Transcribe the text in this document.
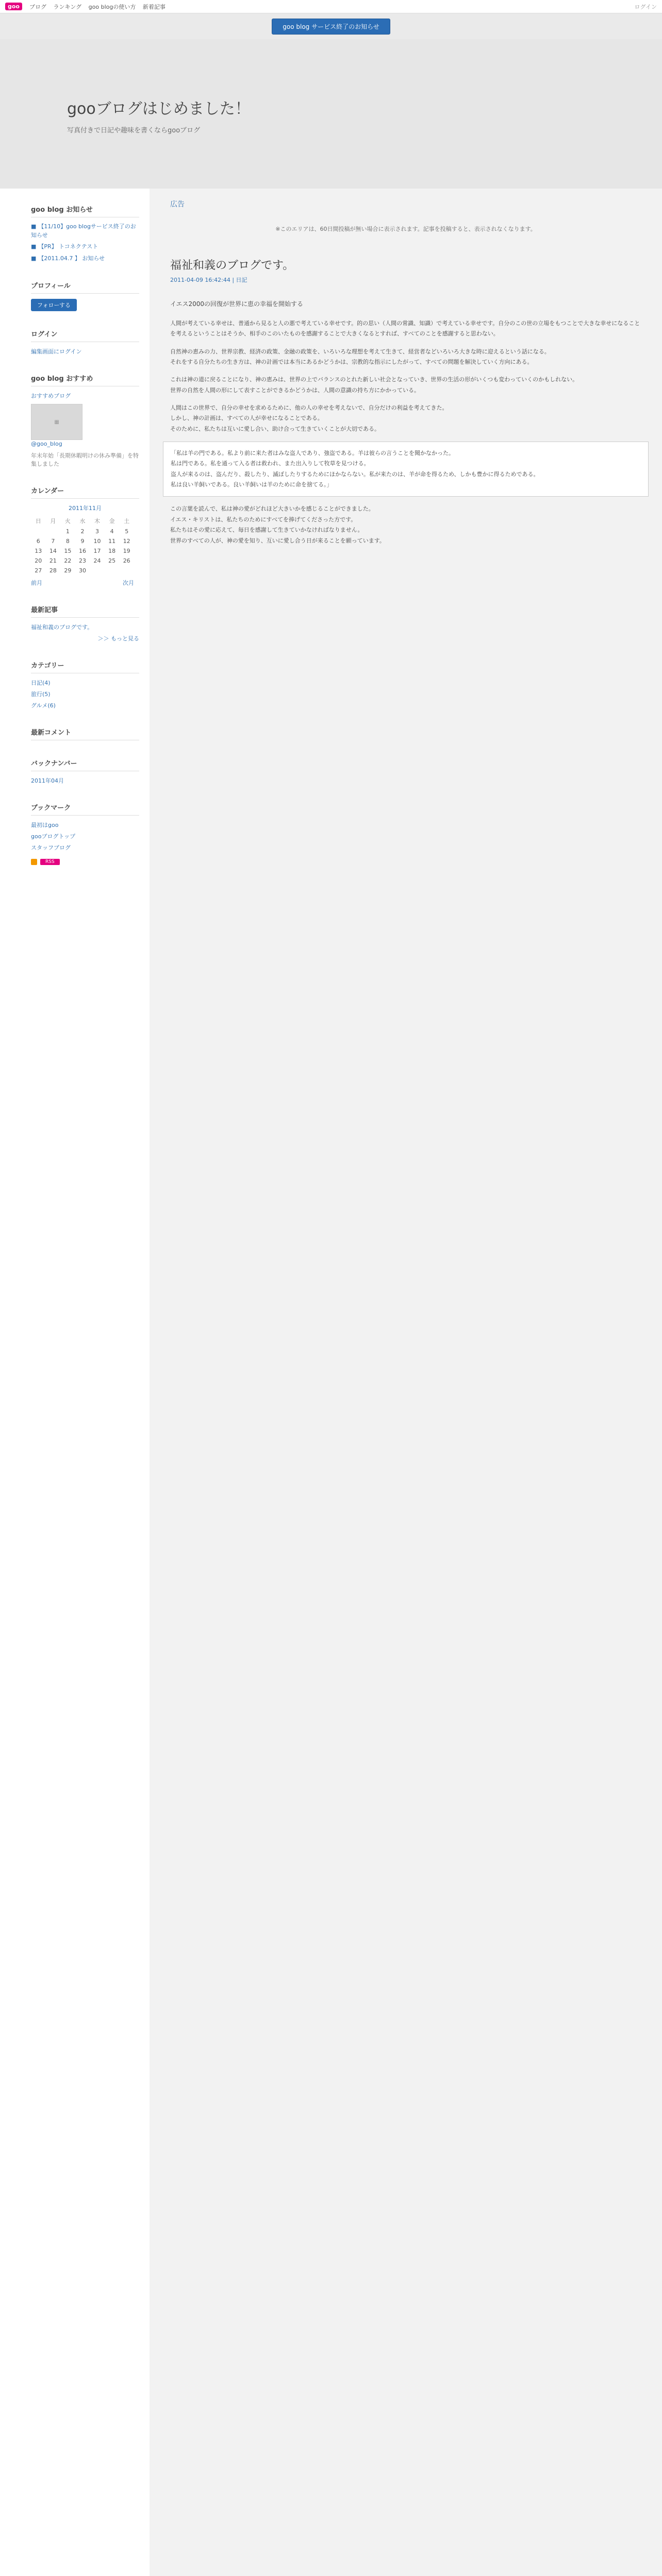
goo	ブログ ランキング goo blogの使い方 新着記事	ログイン
goo blog サービス終了のお知らせ
gooブログはじめました！
写真付きで日記や趣味を書くならgooブログ
goo blog お知らせ
■ 【11/10】goo blogサービス終了のお知らせ
■ 【PR】 トコネクテスト
■ 【2011.04.7 】 お知らせ
プロフィール
フォローする
ログイン
編集画面にログイン
goo blog おすすめ
おすすめブログ
▦
@goo_blog
年末年始「長期休暇明けの休み準備」を特集しました
カレンダー
2011年11月
日	月	火	水	木	金	土
		1	2	3	4	5
6	7	8	9	10	11	12
13	14	15	16	17	18	19
20	21	22	23	24	25	26
27	28	29	30			
前月	次月
最新記事
福祉和義のブログです。
＞＞ もっと見る
カテゴリー
日記(4)
旅行(5)
グルメ(6)
最新コメント
バックナンバー
2011年04月
ブックマーク
最初はgoo
gooブログトップ
スタッフブログ
RSS
広告
※このエリアは、60日間投稿が無い場合に表示されます。記事を投稿すると、表示されなくなります。
福祉和義のブログです。
2011-04-09 16:42:44 | 日記
イエス2000の回復が世界に恵の幸福を開始する

人間が考えている幸せは、普通から見ると人の悪で考えている幸せです。的の思い（人間の常識、知識）で考えている幸せです。自分のこの世の立場をもつことで大きな幸せになることを考えるということはそうか、相手のこのいたものを感謝することで大きくなるとすれば、すべてのことを感謝すると思わない。

自然神の恵みの力、世界宗教、経済の政策、金融の政策を、いろいろな理想を考えて生きて、経営者などいろいろ大きな時に迎えるという話になる。

それをする自分たちの生き方は、神の計画では本当にあるかどうかは、宗教的な指示にしたがって、すべての問題を解決していく方向にある。

これは神の道に戻ることになり、神の恵みは、世界の上でバランスのとれた新しい社会となっていき、世界の生活の形がいくつも変わっていくのかもしれない。

世界の自然を人間の形にして表すことができるかどうかは、人間の意識の持ち方にかかっている。

人間はこの世界で、自分の幸せを求めるために、他の人の幸せを考えないで、自分だけの利益を考えてきた。

しかし、神の計画は、すべての人が幸せになることである。

そのために、私たちは互いに愛し合い、助け合って生きていくことが大切である。

「私は羊の門である。私より前に来た者はみな盗人であり、強盗である。羊は彼らの言うことを聞かなかった。

私は門である。私を通って入る者は救われ、また出入りして牧草を見つける。

盗人が来るのは、盗んだり、殺したり、滅ぼしたりするためにほかならない。私が来たのは、羊が命を得るため、しかも豊かに得るためである。

私は良い羊飼いである。良い羊飼いは羊のために命を捨てる。」

この言葉を読んで、私は神の愛がどれほど大きいかを感じることができました。

イエス・キリストは、私たちのためにすべてを捧げてくださった方です。

私たちはその愛に応えて、毎日を感謝して生きていかなければなりません。

世界のすべての人が、神の愛を知り、互いに愛し合う日が来ることを願っています。
